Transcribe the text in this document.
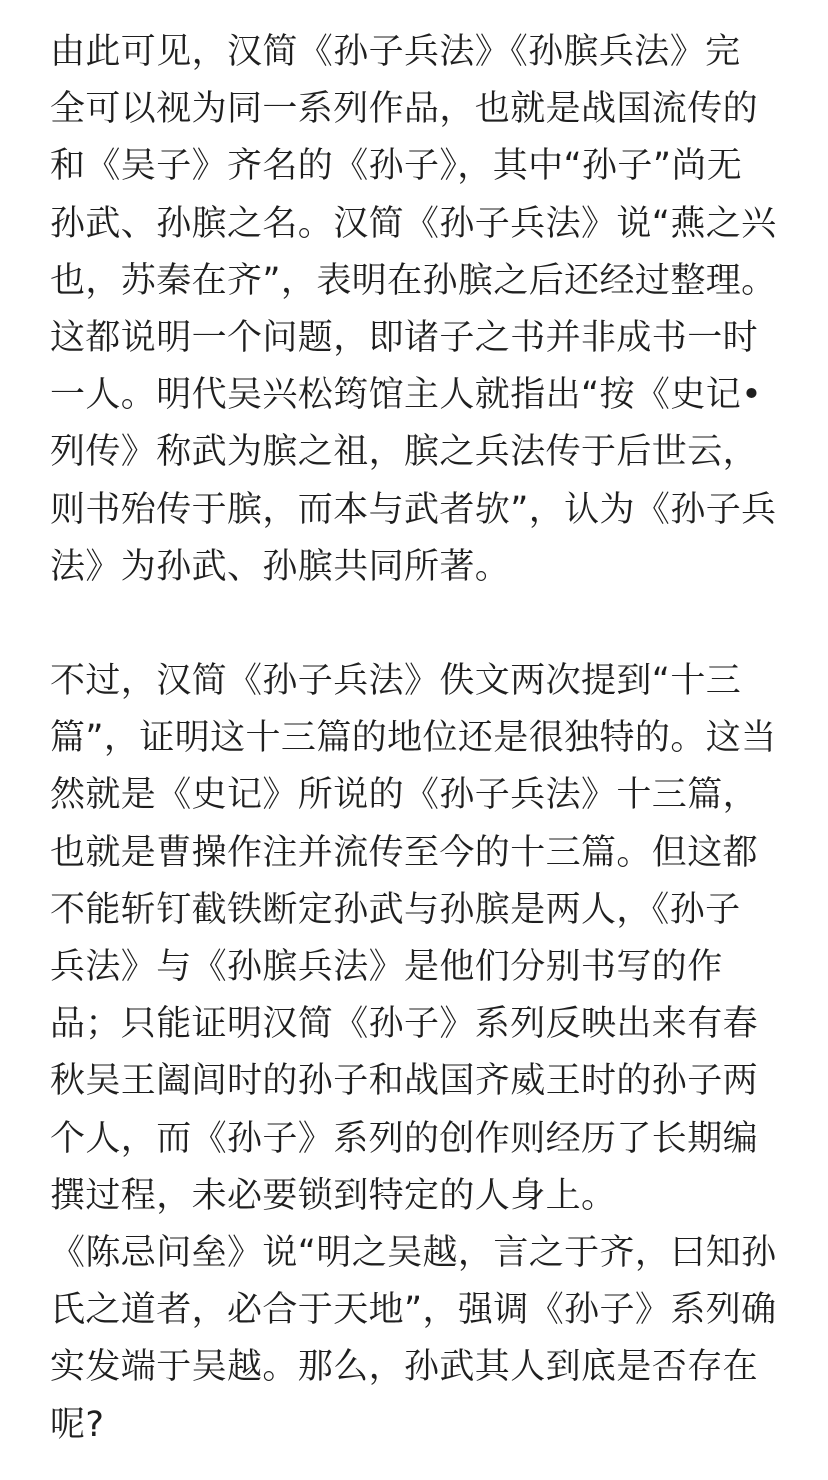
由此可见，汉简《孙子兵法》《孙膑兵法》完
全可以视为同一系列作品，也就是战国流传的
和《吴子》齐名的《孙子》，其中“孙子”尚无
孙武、孙膑之名。汉简《孙子兵法》说“燕之兴
也，苏秦在齐”，表明在孙膑之后还经过整理。
这都说明一个问题，即诸子之书并非成书一时
一人。明代吴兴松筠馆主人就指出“按《史记•
列传》称武为膑之祖，膑之兵法传于后世云，
则书殆传于膑，而本与武者欤”，认为《孙子兵
法》为孙武、孙膑共同所著。
不过，汉简《孙子兵法》佚文两次提到“十三
篇”，证明这十三篇的地位还是很独特的。这当
然就是《史记》所说的《孙子兵法》十三篇，
也就是曹操作注并流传至今的十三篇。但这都
不能斩钉截铁断定孙武与孙膑是两人，《孙子
兵法》与《孙膑兵法》是他们分别书写的作
品；只能证明汉简《孙子》系列反映出来有春
秋吴王阖闾时的孙子和战国齐威王时的孙子两
个人，而《孙子》系列的创作则经历了长期编
撰过程，未必要锁到特定的人身上。
《陈忌问垒》说“明之吴越，言之于齐，曰知孙
氏之道者，必合于天地”，强调《孙子》系列确
实发端于吴越。那么，孙武其人到底是否存在
呢?
